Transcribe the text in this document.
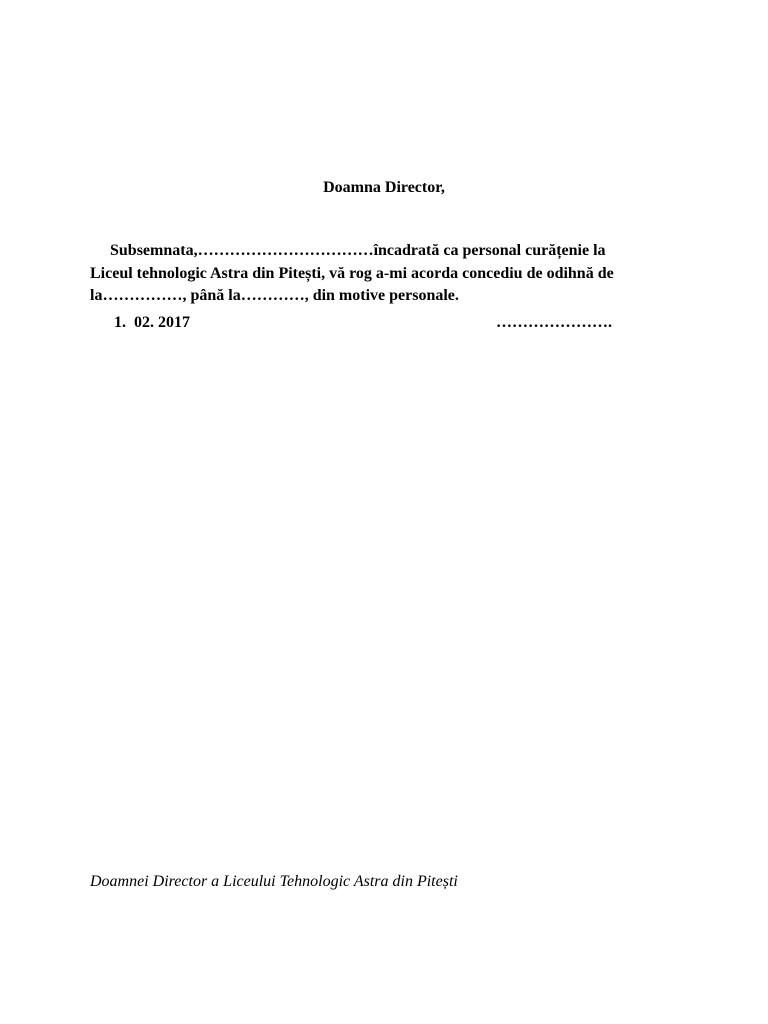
Doamna Director,

Subsemnata,……………………………încadrată ca personal curățenie la
Liceul tehnologic Astra din Pitești, vă rog a-mi acorda concediu de odihnă de
la……………, până la…………, din motive personale.

1.  02. 2017	………………….
Doamnei Director a Liceului Tehnologic Astra din Pitești
